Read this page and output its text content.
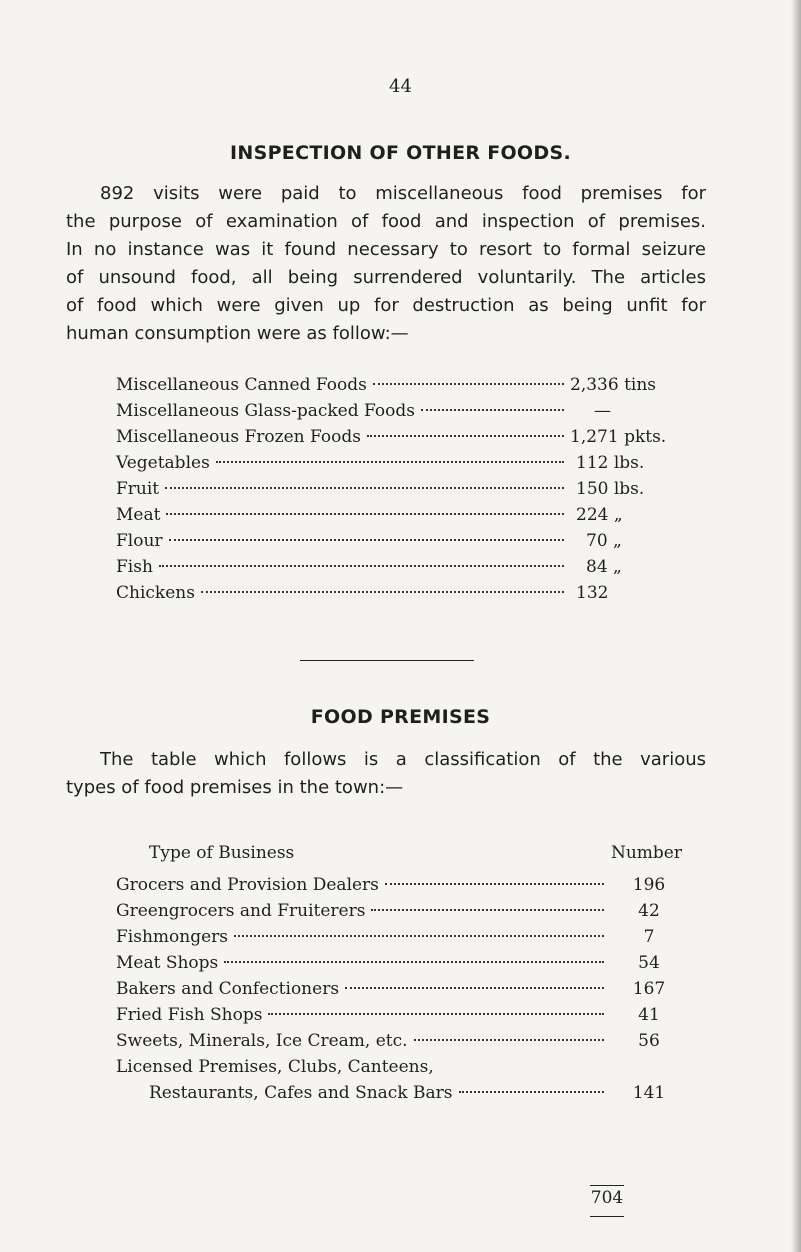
44
INSPECTION OF OTHER FOODS.
892 visits were paid to miscellaneous food premises for
the purpose of examination of food and inspection of premises.
In no instance was it found necessary to resort to formal seizure
of unsound food, all being surrendered voluntarily. The articles
of food which were given up for destruction as being unfit for
human consumption were as follow:—
Miscellaneous Canned Foods	2,336 tins
Miscellaneous Glass-packed Foods	—
Miscellaneous Frozen Foods	1,271 pkts.
Vegetables	112 lbs.
Fruit	150 lbs.
Meat	224 „
Flour	70 „
Fish	84 „
Chickens	132
FOOD PREMISES
The table which follows is a classification of the various
types of food premises in the town:—
Type of Business	Number
Grocers and Provision Dealers	196
Greengrocers and Fruiterers	42
Fishmongers	7
Meat Shops	54
Bakers and Confectioners	167
Fried Fish Shops	41
Sweets, Minerals, Ice Cream, etc.	56
Licensed Premises, Clubs, Canteens,
Restaurants, Cafes and Snack Bars	141
704
